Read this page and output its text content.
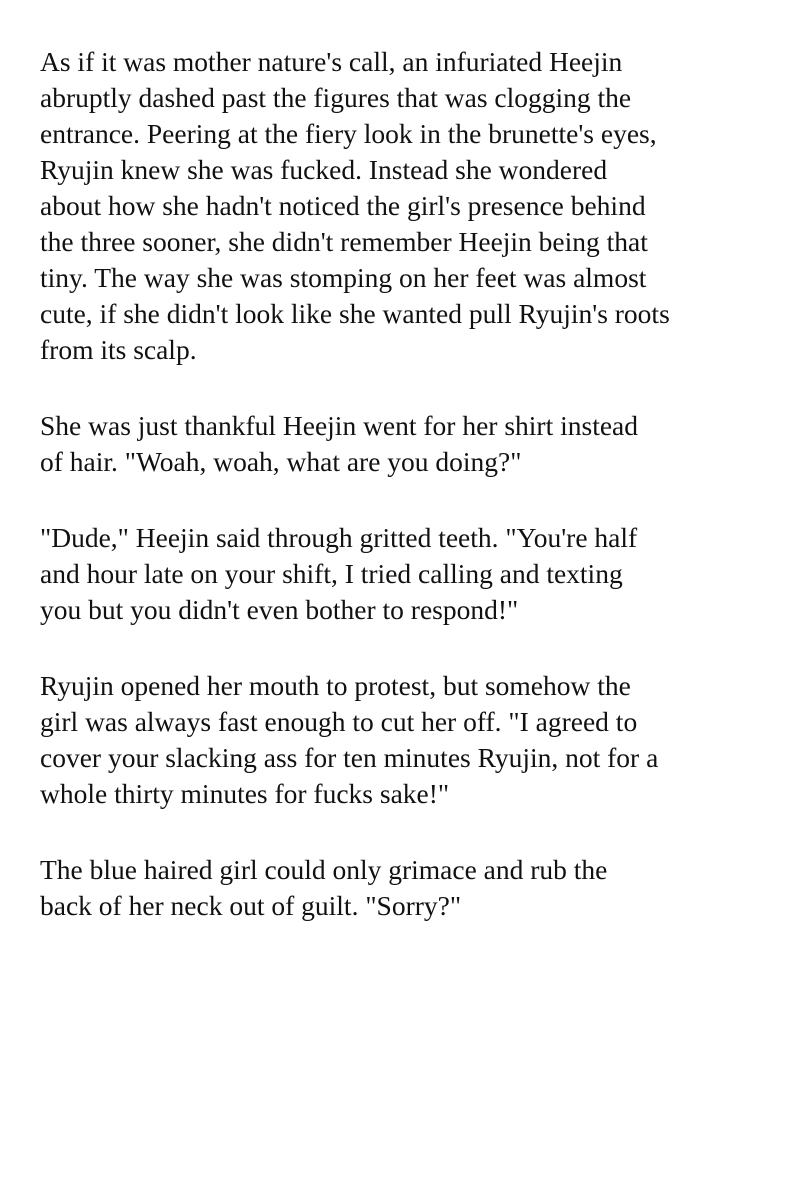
As if it was mother nature's call, an infuriated Heejin
abruptly dashed past the figures that was clogging the
entrance. Peering at the fiery look in the brunette's eyes,
Ryujin knew she was fucked. Instead she wondered
about how she hadn't noticed the girl's presence behind
the three sooner, she didn't remember Heejin being that
tiny. The way she was stomping on her feet was almost
cute, if she didn't look like she wanted pull Ryujin's roots
from its scalp.

She was just thankful Heejin went for her shirt instead
of hair. "Woah, woah, what are you doing?"

"Dude," Heejin said through gritted teeth. "You're half
and hour late on your shift, I tried calling and texting
you but you didn't even bother to respond!"

Ryujin opened her mouth to protest, but somehow the
girl was always fast enough to cut her off. "I agreed to
cover your slacking ass for ten minutes Ryujin, not for a
whole thirty minutes for fucks sake!"

The blue haired girl could only grimace and rub the
back of her neck out of guilt. "Sorry?"
